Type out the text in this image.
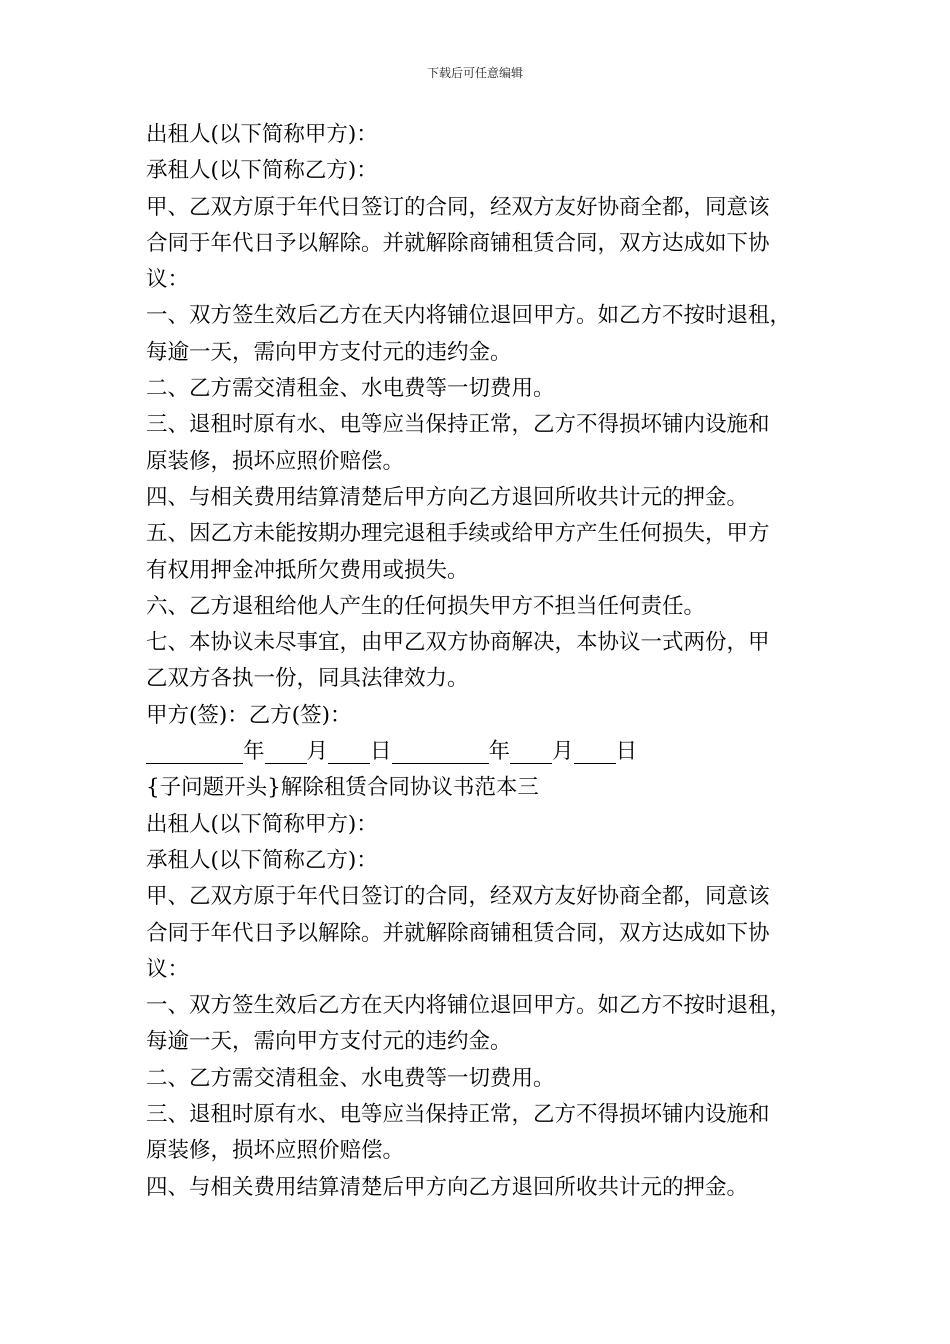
下载后可任意编辑
出租人(以下简称甲方)：
承租人(以下简称乙方)：
甲、乙双方原于年代日签订的合同，经双方友好协商全都，同意该
合同于年代日予以解除。并就解除商铺租赁合同，双方达成如下协
议：
一、双方签生效后乙方在天内将铺位退回甲方。如乙方不按时退租，
每逾一天，需向甲方支付元的违约金。
二、乙方需交清租金、水电费等一切费用。
三、退租时原有水、电等应当保持正常，乙方不得损坏铺内设施和
原装修，损坏应照价赔偿。
四、与相关费用结算清楚后甲方向乙方退回所收共计元的押金。
五、因乙方未能按期办理完退租手续或给甲方产生任何损失，甲方
有权用押金冲抵所欠费用或损失。
六、乙方退租给他人产生的任何损失甲方不担当任何责任。
七、本协议未尽事宜，由甲乙双方协商解决，本协议一式两份，甲
乙双方各执一份，同具法律效力。
甲方(签)：乙方(签)：
年 月 日	年 月 日
{子问题开头}解除租赁合同协议书范本三
出租人(以下简称甲方)：
承租人(以下简称乙方)：
甲、乙双方原于年代日签订的合同，经双方友好协商全都，同意该
合同于年代日予以解除。并就解除商铺租赁合同，双方达成如下协
议：
一、双方签生效后乙方在天内将铺位退回甲方。如乙方不按时退租，
每逾一天，需向甲方支付元的违约金。
二、乙方需交清租金、水电费等一切费用。
三、退租时原有水、电等应当保持正常，乙方不得损坏铺内设施和
原装修，损坏应照价赔偿。
四、与相关费用结算清楚后甲方向乙方退回所收共计元的押金。
